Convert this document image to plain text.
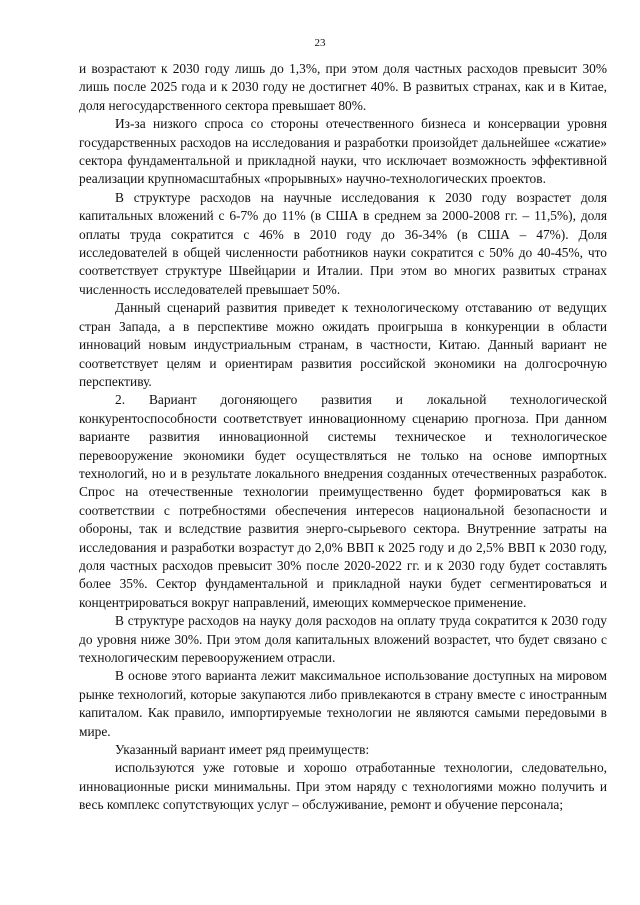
23

и возрастают к 2030 году лишь до 1,3%, при этом доля частных расходов превысит 30% лишь после 2025 года и к 2030 году не достигнет 40%. В развитых странах, как и в Китае, доля негосударственного сектора превышает 80%.

Из-за низкого спроса со стороны отечественного бизнеса и консервации уровня государственных расходов на исследования и разработки произойдет дальнейшее «сжатие» сектора фундаментальной и прикладной науки, что исключает возможность эффективной реализации крупномасштабных «прорывных» научно-технологических проектов.

В структуре расходов на научные исследования к 2030 году возрастет доля капитальных вложений с 6-7% до 11% (в США в среднем за 2000-2008 гг. – 11,5%), доля оплаты труда сократится с 46% в 2010 году до 36-34% (в США – 47%). Доля исследователей в общей численности работников науки сократится с 50% до 40-45%, что соответствует структуре Швейцарии и Италии. При этом во многих развитых странах численность исследователей превышает 50%.

Данный сценарий развития приведет к технологическому отставанию от ведущих стран Запада, а в перспективе можно ожидать проигрыша в конкуренции в области инноваций новым индустриальным странам, в частности, Китаю. Данный вариант не соответствует целям и ориентирам развития российской экономики на долгосрочную перспективу.

2. Вариант догоняющего развития и локальной технологической конкурентоспособности соответствует инновационному сценарию прогноза. При данном варианте развития инновационной системы техническое и технологическое перевооружение экономики будет осуществляться не только на основе импортных технологий, но и в результате локального внедрения созданных отечественных разработок. Спрос на отечественные технологии преимущественно будет формироваться как в соответствии с потребностями обеспечения интересов национальной безопасности и обороны, так и вследствие развития энерго-сырьевого сектора. Внутренние затраты на исследования и разработки возрастут до 2,0% ВВП к 2025 году и до 2,5% ВВП к 2030 году, доля частных расходов превысит 30% после 2020-2022 гг. и к 2030 году будет составлять более 35%. Сектор фундаментальной и прикладной науки будет сегментироваться и концентрироваться вокруг направлений, имеющих коммерческое применение.

В структуре расходов на науку доля расходов на оплату труда сократится к 2030 году до уровня ниже 30%. При этом доля капитальных вложений возрастет, что будет связано с технологическим перевооружением отрасли.

В основе этого варианта лежит максимальное использование доступных на мировом рынке технологий, которые закупаются либо привлекаются в страну вместе с иностранным капиталом. Как правило, импортируемые технологии не являются самыми передовыми в мире.

Указанный вариант имеет ряд преимуществ:

используются уже готовые и хорошо отработанные технологии, следовательно, инновационные риски минимальны. При этом наряду с технологиями можно получить и весь комплекс сопутствующих услуг – обслуживание, ремонт и обучение персонала;
